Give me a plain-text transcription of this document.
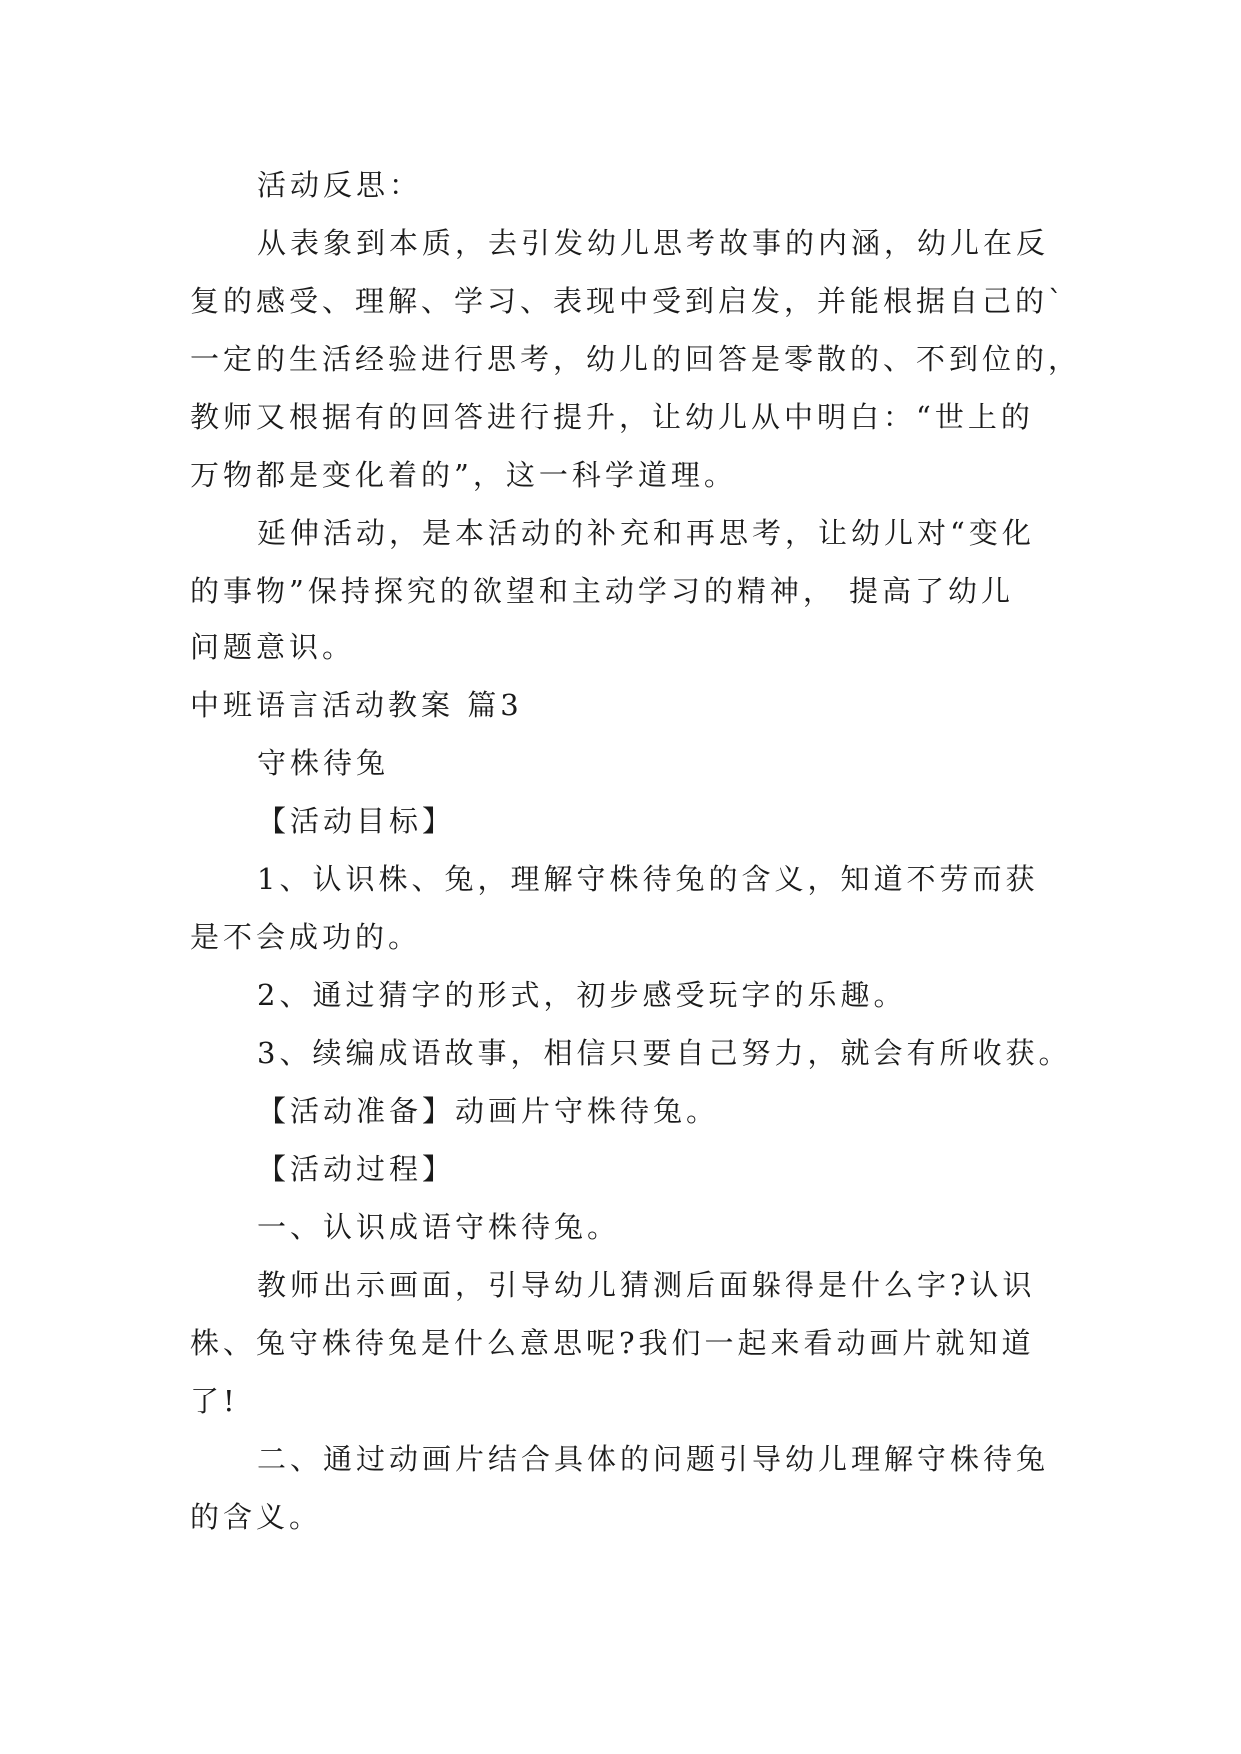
活动反思：
从表象到本质，去引发幼儿思考故事的内涵，幼儿在反
复的感受、理解、学习、表现中受到启发，并能根据自己的`
一定的生活经验进行思考，幼儿的回答是零散的、不到位的，
教师又根据有的回答进行提升，让幼儿从中明白：“世上的
万物都是变化着的”，这一科学道理。
延伸活动，是本活动的补充和再思考，让幼儿对“变化
的事物”保持探究的欲望和主动学习的精神， 提高了幼儿
问题意识。
中班语言活动教案 篇3
守株待兔
【活动目标】
1、认识株、兔，理解守株待兔的含义，知道不劳而获
是不会成功的。
2、通过猜字的形式，初步感受玩字的乐趣。
3、续编成语故事，相信只要自己努力，就会有所收获。
【活动准备】动画片守株待兔。
【活动过程】
一、认识成语守株待兔。
教师出示画面，引导幼儿猜测后面躲得是什么字?认识
株、兔守株待兔是什么意思呢?我们一起来看动画片就知道
了!
二、通过动画片结合具体的问题引导幼儿理解守株待兔
的含义。
